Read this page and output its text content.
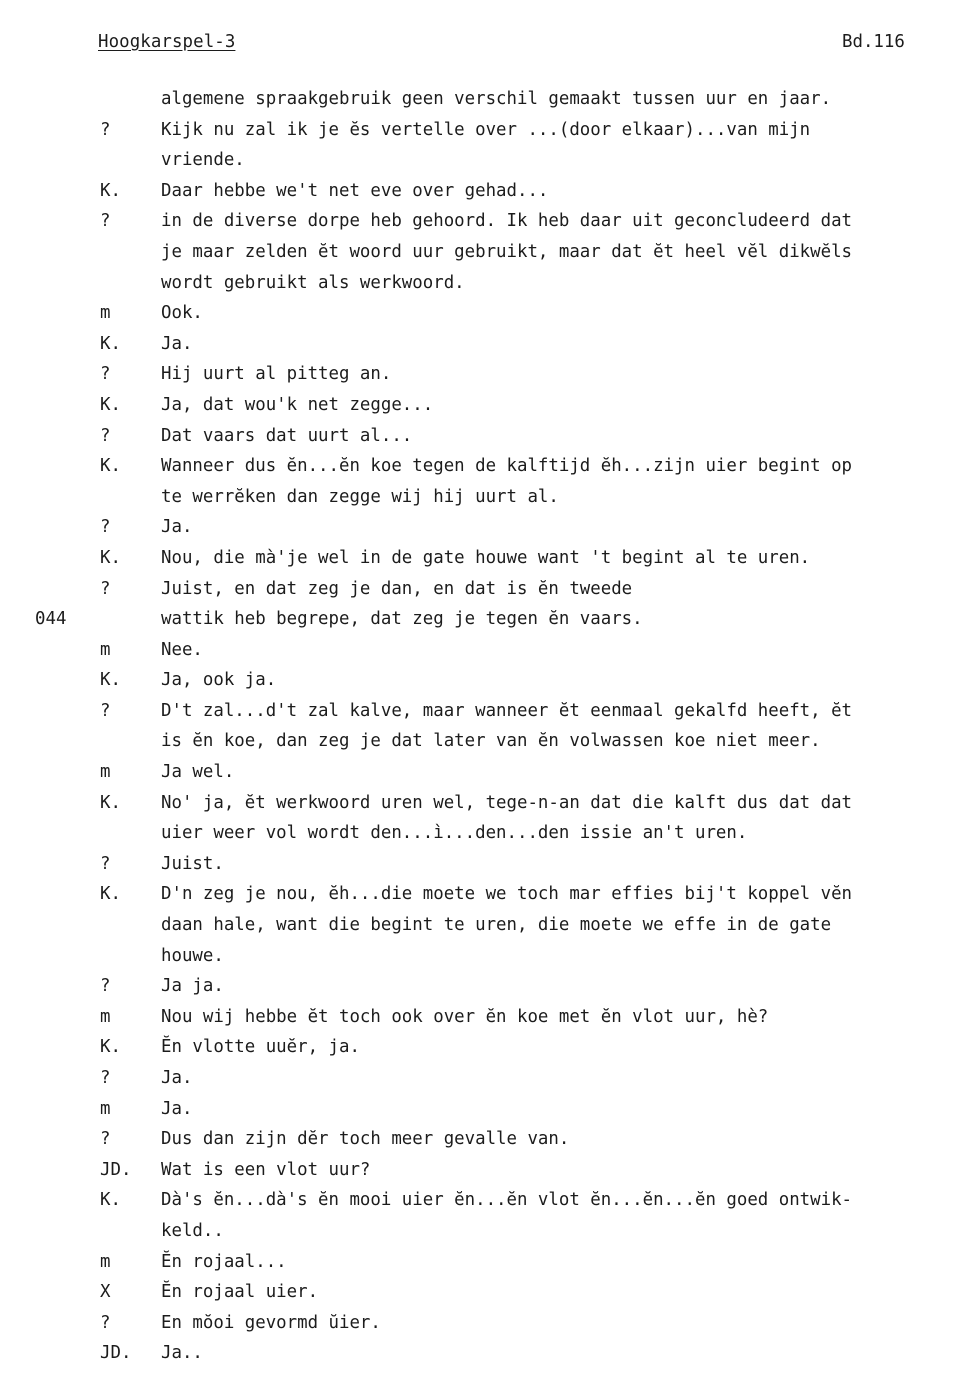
Hoogkarspel-3	Bd.116
algemene spraakgebruik geen verschil gemaakt tussen uur en jaar.
?	Kijk nu zal ik je ĕs vertelle over ...(door elkaar)...van mijn
vriende.
K. Daar hebbe we't net eve over gehad...
?	in de diverse dorpe heb gehoord. Ik heb daar uit geconcludeerd dat
je maar zelden ĕt woord uur gebruikt, maar dat ĕt heel vĕl dikwĕls
wordt gebruikt als werkwoord.
m	Ook.
K. Ja.
?	Hij uurt al pitteg an.
K. Ja, dat wou'k net zegge...
?	Dat vaars dat uurt al...
K. Wanneer dus ĕn...ĕn koe tegen de kalftijd ĕh...zijn uier begint op
te werrĕken dan zegge wij hij uurt al.
?	Ja.
K. Nou, die mà'je wel in de gate houwe want 't begint al te uren.
?	Juist, en dat zeg je dan, en dat is ĕn tweede
044	wattik heb begrepe, dat zeg je tegen ĕn vaars.
m	Nee.
K. Ja, ook ja.
?	D't zal...d't zal kalve, maar wanneer ĕt eenmaal gekalfd heeft, ĕt
is ĕn koe, dan zeg je dat later van ĕn volwassen koe niet meer.
m	Ja wel.
K. No' ja, ĕt werkwoord uren wel, tege-n-an dat die kalft dus dat dat
uier weer vol wordt den...ì...den...den issie an't uren.
?	Juist.
K. D'n zeg je nou, ĕh...die moete we toch mar effies bij't koppel vĕn
daan hale, want die begint te uren, die moete we effe in de gate
houwe.
?	Ja ja.
m	Nou wij hebbe ĕt toch ook over ĕn koe met ĕn vlot uur, hè?
K. Ĕn vlotte uuĕr, ja.
?	Ja.
m	Ja.
?	Dus dan zijn dĕr toch meer gevalle van.
JD. Wat is een vlot uur?
K. Dà's ĕn...dà's ĕn mooi uier ĕn...ĕn vlot ĕn...ĕn...ĕn goed ontwik-
keld..
m	Ĕn rojaal...
X	Ĕn rojaal uier.
?	En mŏoi gevormd ŭier.
JD. Ja..
